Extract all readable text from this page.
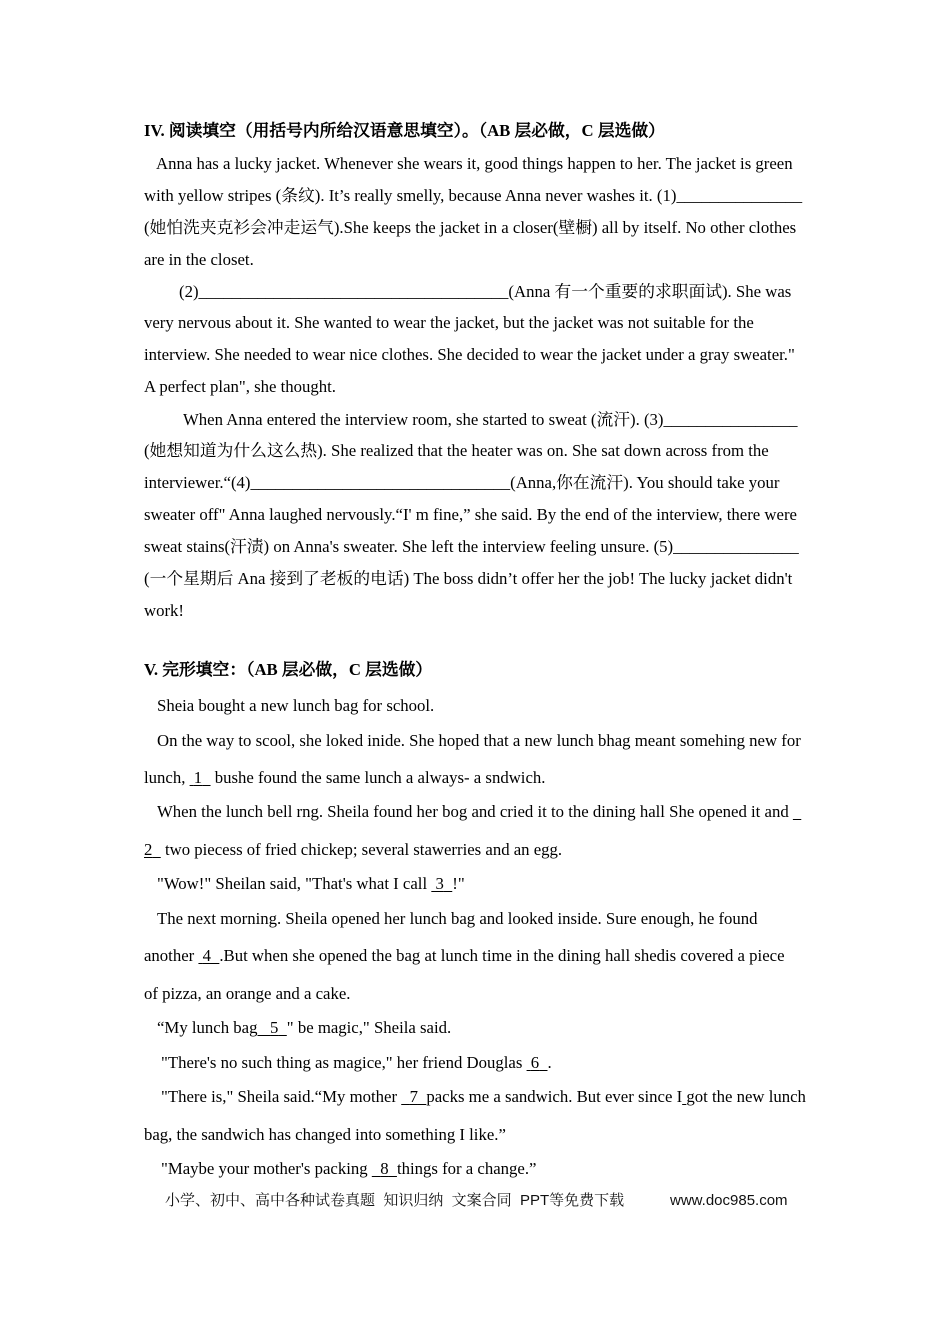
IV. 阅读填空（用括号内所给汉语意思填空）。（AB 层必做，C 层选做）
Anna has a lucky jacket. Whenever she wears it, good things happen to her. The jacket is green
with yellow stripes (条纹). It’s really smelly, because Anna never washes it. (1)_______________
(她怕洗夹克衫会冲走运气).She keeps the jacket in a closer(壁橱) all by itself. No other clothes
are in the closet.
(2)_____________________________________(Anna 有一个重要的求职面试). She was
very nervous about it. She wanted to wear the jacket, but the jacket was not suitable for the
interview. She needed to wear nice clothes. She decided to wear the jacket under a gray sweater."
A perfect plan", she thought.
When Anna entered the interview room, she started to sweat (流汗). (3)________________
(她想知道为什么这么热). She realized that the heater was on. She sat down across from the
interviewer.“(4)_______________________________(Anna,你在流汗). You should take your
sweater off" Anna laughed nervously.“I' m fine,” she said. By the end of the interview, there were
sweat stains(汗渍) on Anna's sweater. She left the interview feeling unsure. (5)_______________
(一个星期后 Ana 接到了老板的电话) The boss didn’t offer her the job! The lucky jacket didn't
work!
V. 完形填空：（AB 层必做，C 层选做）
Sheia bought a new lunch bag for school.
On the way to scool, she loked inide. She hoped that a new lunch bhag meant somehing new for
lunch,  1   bushe found the same lunch a always- a sndwich.
When the lunch bell rng. Sheila found her bog and cried it to the dining hall She opened it and
2   two piecess of fried chickep; several stawerries and an egg.
"Wow!" Sheilan said, "That's what I call  3 !"
The next morning. Sheila opened her lunch bag and looked inside. Sure enough, he found
another  4 .But when she opened the bag at lunch time in the dining hall shedis covered a piece
of pizza, an orange and a cake.
“My lunch bag 5 " be magic," Sheila said.
"There's no such thing as magice," her friend Douglas  6 .
"There is," Sheila said.“My mother   7 packs me a sandwich. But ever since I got the new lunch
bag, the sandwich has changed into something I like.”
"Maybe your mother's packing   8 things for a change.”
小学、初中、高中各种试卷真题  知识归纳  文案合同  PPT等免费下载	www.doc985.com
